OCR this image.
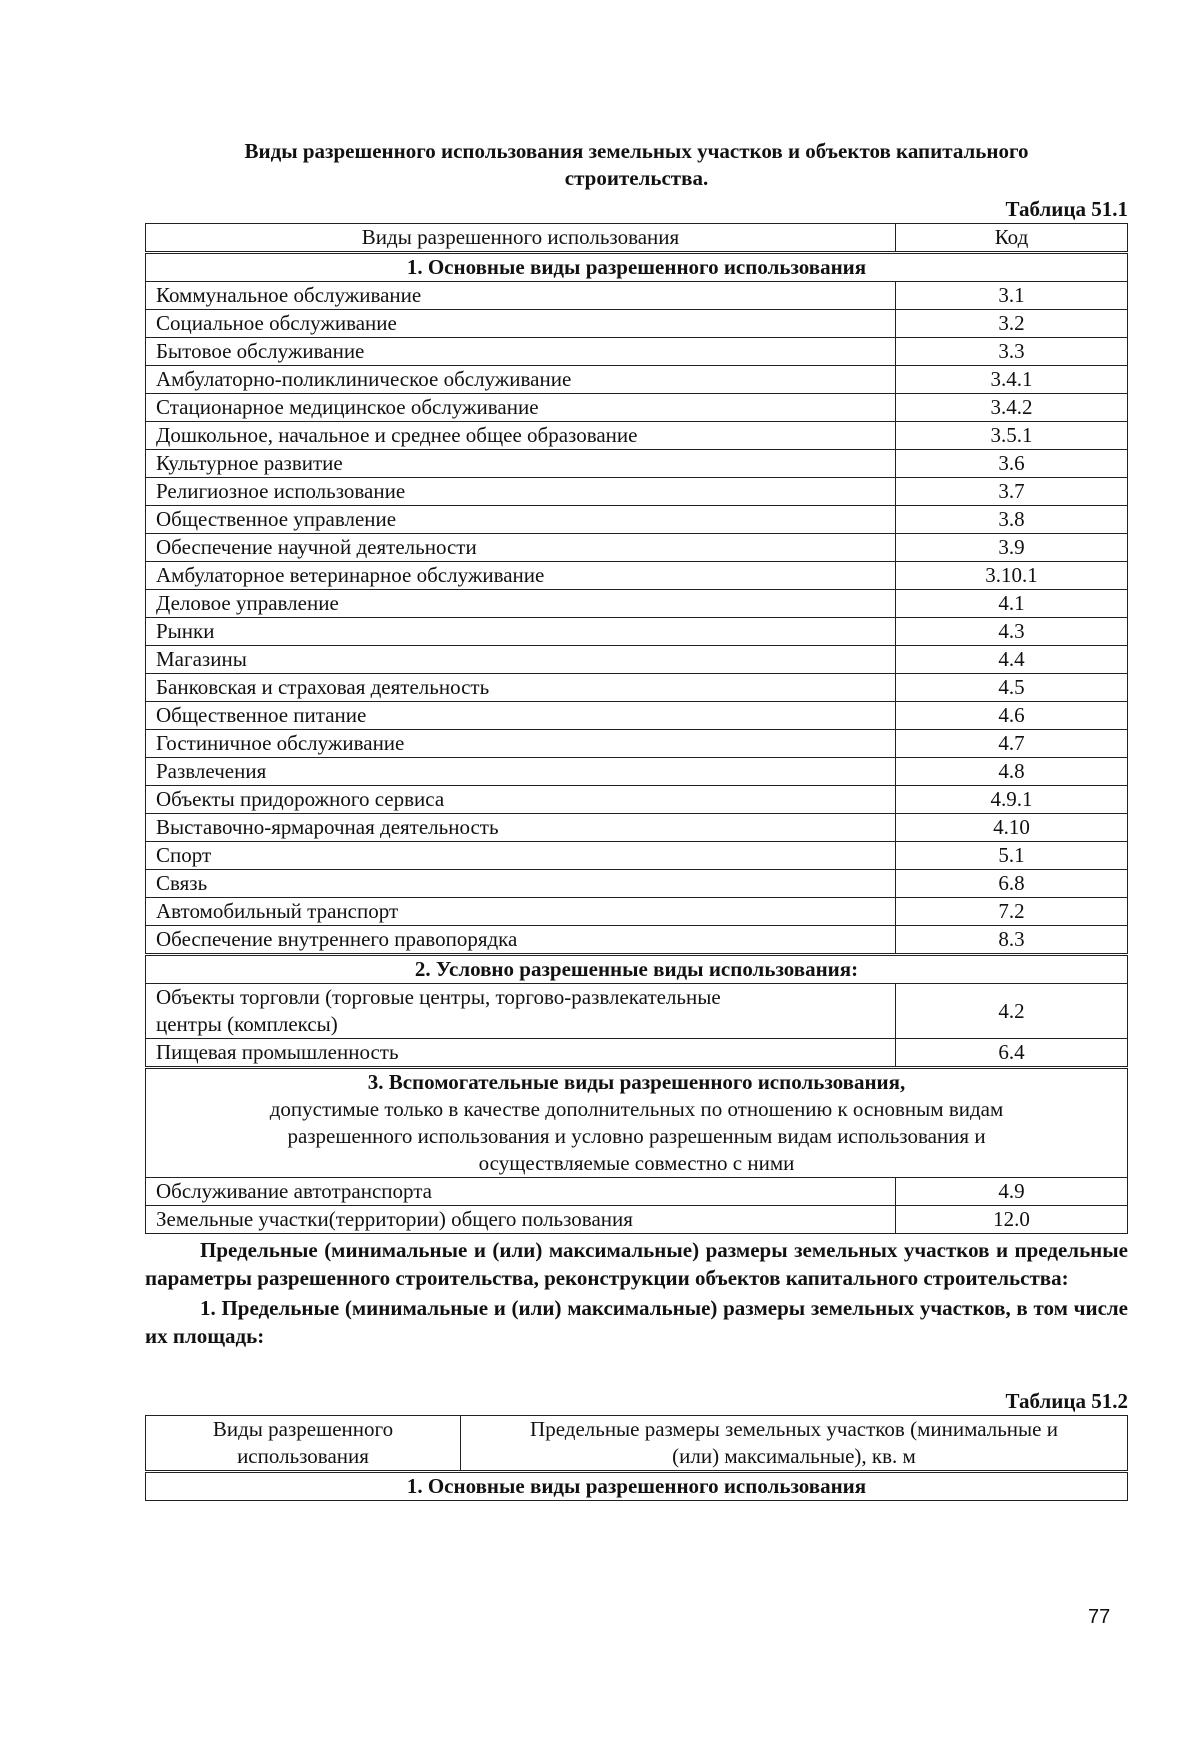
Виды разрешенного использования земельных участков и объектов капитального
строительства.

Таблица 51.1
Виды разрешенного использования	Код
1. Основные виды разрешенного использования	
Коммунальное обслуживание	3.1
Социальное обслуживание	3.2
Бытовое обслуживание	3.3
Амбулаторно-поликлиническое обслуживание	3.4.1
Стационарное медицинское обслуживание	3.4.2
Дошкольное, начальное и среднее общее образование	3.5.1
Культурное развитие	3.6
Религиозное использование	3.7
Общественное управление	3.8
Обеспечение научной деятельности	3.9
Амбулаторное ветеринарное обслуживание	3.10.1
Деловое управление	4.1
Рынки	4.3
Магазины	4.4
Банковская и страховая деятельность	4.5
Общественное питание	4.6
Гостиничное обслуживание	4.7
Развлечения	4.8
Объекты придорожного сервиса	4.9.1
Выставочно-ярмарочная деятельность	4.10
Спорт	5.1
Связь	6.8
Автомобильный транспорт	7.2
Обеспечение внутреннего правопорядка	8.3
2. Условно разрешенные виды использования:	
Объекты торговли (торговые центры, торгово-развлекательные
центры (комплексы)	4.2
Пищевая промышленность	6.4
3. Вспомогательные виды разрешенного использования,
допустимые только в качестве дополнительных по отношению к основным видам
разрешенного использования и условно разрешенным видам использования и
осуществляемые совместно с ними	
Обслуживание автотранспорта	4.9
Земельные участки(территории) общего пользования	12.0

Предельные (минимальные и (или) максимальные) размеры земельных участков и предельные параметры разрешенного строительства, реконструкции объектов капитального строительства:

1. Предельные (минимальные и (или) максимальные) размеры земельных участков, в том числе их площадь:

Таблица 51.2
Виды разрешенного
использования	Предельные размеры земельных участков (минимальные и
(или) максимальные), кв. м
1. Основные виды разрешенного использования
77
